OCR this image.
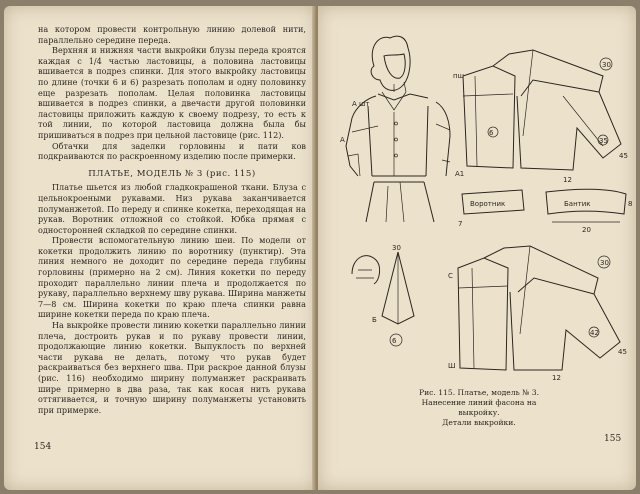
на котором провести контрольную линию долевой нити, параллельно середине переда.

Верхняя и нижняя части выкройки блузы переда кроятся каждая с 1/4 частью ластовицы, а половина ластовицы вшивается в подрез спинки. Для этого выкройку ластовицы по длине (точки 6 и 6) разрезать пополам и одну половинку еще разрезать пополам. Целая половинка ластовицы вшивается в подрез спинки, а двечасти другой половинки ластовицы приложить каждую к своему подрезу, то есть к той линии, по которой ластовица должна была бы пришиваться в подрез при цельной ластовице (рис. 112).

Обтачки для заделки горловины и пати ков подкраиваются по раскроенному изделию после примерки.

ПЛАТЬЕ, МОДЕЛЬ № 3 (рис. 115)

Платье шьется из любой гладкокрашеной ткани. Блуза с цельнокроеными рукавами. Низ рукава заканчивается полуманжетой. По переду и спинке кокетка, переходящая на рукав. Воротник отложной со стойкой. Юбка прямая с односторонней складкой по середине спинки.

Провести вспомогательную линию шеи. По модели от кокетки продолжить линию по воротнику (пунктир). Эта линия немного не доходит по середине переда глубины горловины (примерно на 2 см). Линия кокетки по переду проходит параллельно линии плеча и продолжается по рукаву, параллельно верхнему шву рукава. Ширина манжеты 7—8 см. Ширина кокетки по краю плеча спинки равна ширине кокетки переда по краю плеча.

На выкройке провести линию кокетки параллельно линии плеча, достроить рукав и по рукаву провести линии, продолжающие линию кокетки. Выпуклость по верхней части рукава не делать, потому что рукав будет раскраиваться без верхнего шва. При раскрое данной блузы (рис. 116) необходимо ширину полуманжет раскраивать шире примерно в два раза, так как косая нить рукава оттягивается, и точную ширину полуманжеты установить при примерке.

154
А шт
А
30
пш
6
35
45
12
А1
Воротник	Бантик
20
7
8
6
30
Б
30
42
45
12
С
Ш
Рис. 115. Платье, модель № 3.
Нанесение линий фасона на выкройку.
Детали выкройки.
155
